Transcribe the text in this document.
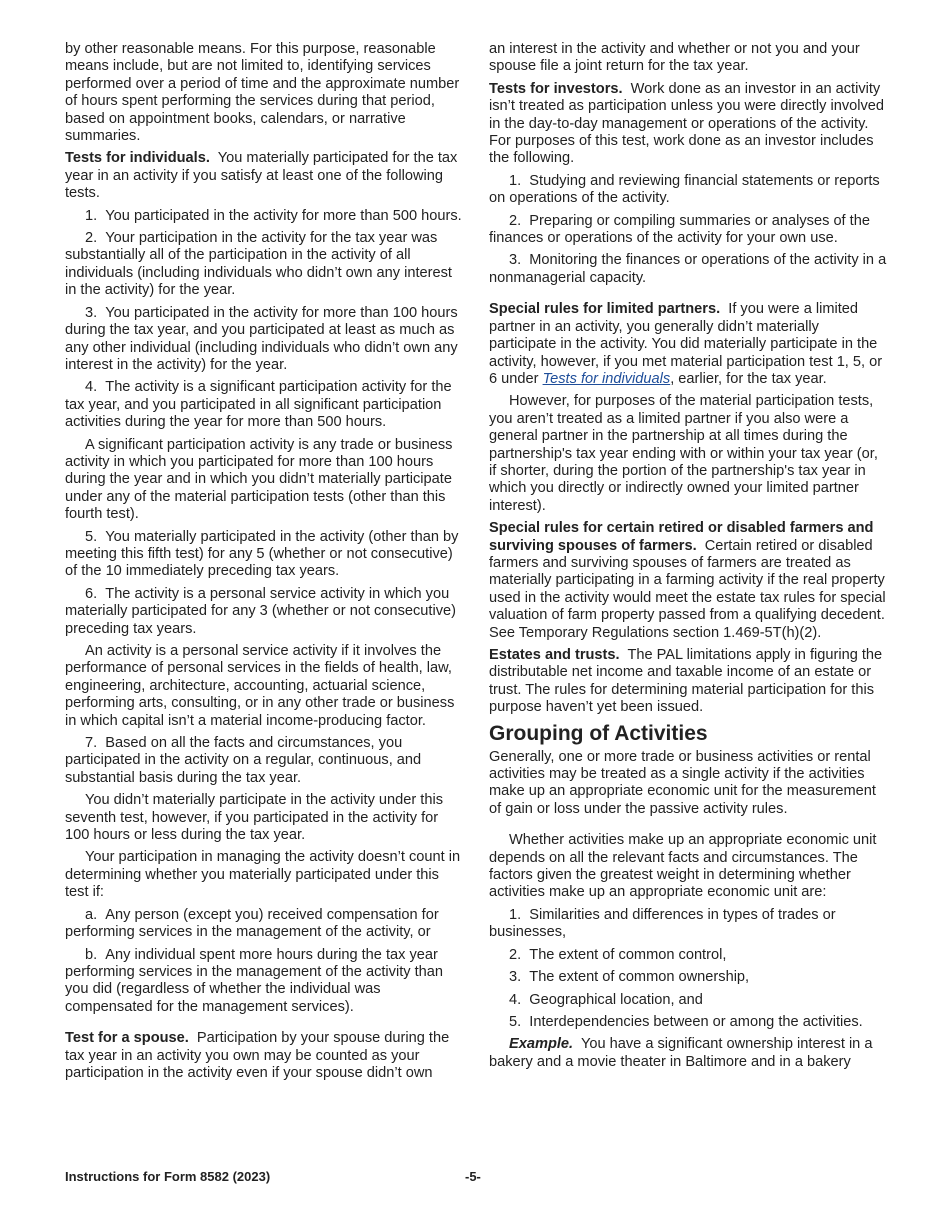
by other reasonable means. For this purpose, reasonable means include, but are not limited to, identifying services performed over a period of time and the approximate number of hours spent performing the services during that period, based on appointment books, calendars, or narrative summaries.

Tests for individuals. You materially participated for the tax year in an activity if you satisfy at least one of the following tests.

1.  You participated in the activity for more than 500 hours.

2.  Your participation in the activity for the tax year was substantially all of the participation in the activity of all individuals (including individuals who didn’t own any interest in the activity) for the year.

3.  You participated in the activity for more than 100 hours during the tax year, and you participated at least as much as any other individual (including individuals who didn’t own any interest in the activity) for the year.

4.  The activity is a significant participation activity for the tax year, and you participated in all significant participation activities during the year for more than 500 hours.

A significant participation activity is any trade or business activity in which you participated for more than 100 hours during the year and in which you didn’t materially participate under any of the material participation tests (other than this fourth test).

5.  You materially participated in the activity (other than by meeting this fifth test) for any 5 (whether or not consecutive) of the 10 immediately preceding tax years.

6.  The activity is a personal service activity in which you materially participated for any 3 (whether or not consecutive) preceding tax years.

An activity is a personal service activity if it involves the performance of personal services in the fields of health, law, engineering, architecture, accounting, actuarial science, performing arts, consulting, or in any other trade or business in which capital isn’t a material income-producing factor.

7.  Based on all the facts and circumstances, you participated in the activity on a regular, continuous, and substantial basis during the tax year.

You didn’t materially participate in the activity under this seventh test, however, if you participated in the activity for 100 hours or less during the tax year.

Your participation in managing the activity doesn’t count in determining whether you materially participated under this test if:

a.  Any person (except you) received compensation for performing services in the management of the activity, or

b.  Any individual spent more hours during the tax year performing services in the management of the activity than you did (regardless of whether the individual was compensated for the management services).

Test for a spouse. Participation by your spouse during the tax year in an activity you own may be counted as your participation in the activity even if your spouse didn’t own

an interest in the activity and whether or not you and your spouse file a joint return for the tax year.

Tests for investors. Work done as an investor in an activity isn’t treated as participation unless you were directly involved in the day-to-day management or operations of the activity. For purposes of this test, work done as an investor includes the following.

1.  Studying and reviewing financial statements or reports on operations of the activity.

2.  Preparing or compiling summaries or analyses of the finances or operations of the activity for your own use.

3.  Monitoring the finances or operations of the activity in a nonmanagerial capacity.

Special rules for limited partners. If you were a limited partner in an activity, you generally didn’t materially participate in the activity. You did materially participate in the activity, however, if you met material participation test 1, 5, or 6 under Tests for individuals, earlier, for the tax year.

However, for purposes of the material participation tests, you aren’t treated as a limited partner if you also were a general partner in the partnership at all times during the partnership's tax year ending with or within your tax year (or, if shorter, during the portion of the partnership's tax year in which you directly or indirectly owned your limited partner interest).

Special rules for certain retired or disabled farmers and surviving spouses of farmers. Certain retired or disabled farmers and surviving spouses of farmers are treated as materially participating in a farming activity if the real property used in the activity would meet the estate tax rules for special valuation of farm property passed from a qualifying decedent. See Temporary Regulations section 1.469-5T(h)(2).

Estates and trusts. The PAL limitations apply in figuring the distributable net income and taxable income of an estate or trust. The rules for determining material participation for this purpose haven’t yet been issued.

Grouping of Activities

Generally, one or more trade or business activities or rental activities may be treated as a single activity if the activities make up an appropriate economic unit for the measurement of gain or loss under the passive activity rules.

Whether activities make up an appropriate economic unit depends on all the relevant facts and circumstances. The factors given the greatest weight in determining whether activities make up an appropriate economic unit are:

1.  Similarities and differences in types of trades or businesses,

2.  The extent of common control,

3.  The extent of common ownership,

4.  Geographical location, and

5.  Interdependencies between or among the activities.

Example. You have a significant ownership interest in a bakery and a movie theater in Baltimore and in a bakery

Instructions for Form 8582 (2023)	-5-
